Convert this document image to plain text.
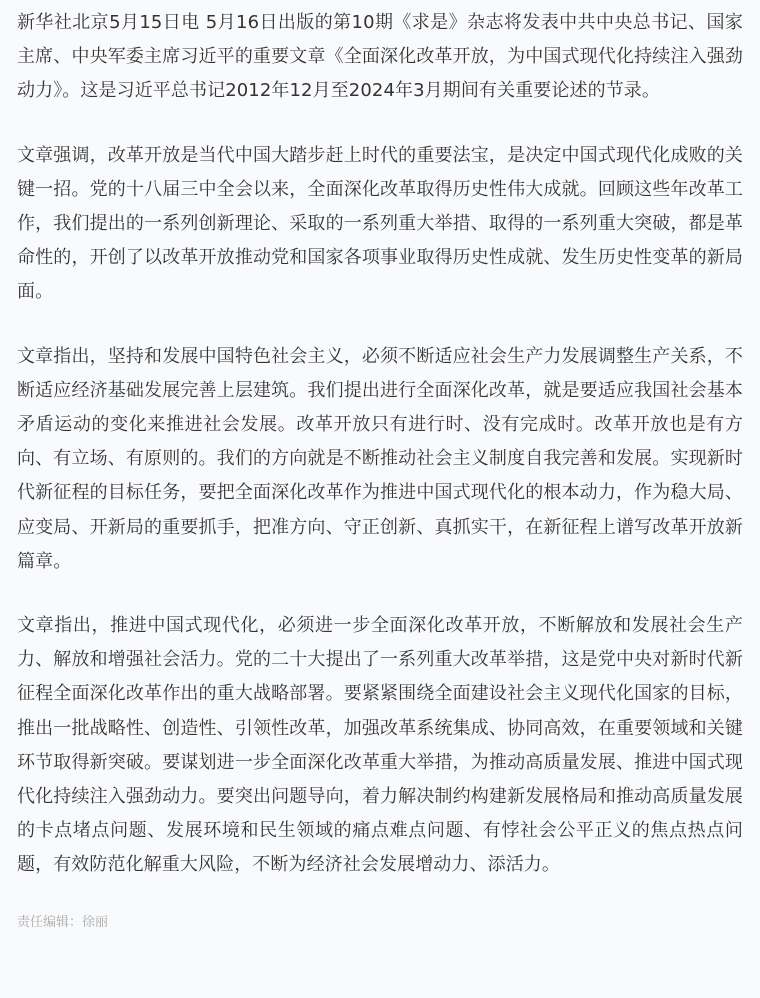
新华社北京5月15日电 5月16日出版的第10期《求是》杂志将发表中共中央总书记、国家主席、中央军委主席习近平的重要文章《全面深化改革开放，为中国式现代化持续注入强劲动力》。这是习近平总书记2012年12月至2024年3月期间有关重要论述的节录。

文章强调，改革开放是当代中国大踏步赶上时代的重要法宝，是决定中国式现代化成败的关键一招。党的十八届三中全会以来，全面深化改革取得历史性伟大成就。回顾这些年改革工作，我们提出的一系列创新理论、采取的一系列重大举措、取得的一系列重大突破，都是革命性的，开创了以改革开放推动党和国家各项事业取得历史性成就、发生历史性变革的新局面。

文章指出，坚持和发展中国特色社会主义，必须不断适应社会生产力发展调整生产关系，不断适应经济基础发展完善上层建筑。我们提出进行全面深化改革，就是要适应我国社会基本矛盾运动的变化来推进社会发展。改革开放只有进行时、没有完成时。改革开放也是有方向、有立场、有原则的。我们的方向就是不断推动社会主义制度自我完善和发展。实现新时代新征程的目标任务，要把全面深化改革作为推进中国式现代化的根本动力，作为稳大局、应变局、开新局的重要抓手，把准方向、守正创新、真抓实干，在新征程上谱写改革开放新篇章。

文章指出，推进中国式现代化，必须进一步全面深化改革开放，不断解放和发展社会生产力、解放和增强社会活力。党的二十大提出了一系列重大改革举措，这是党中央对新时代新征程全面深化改革作出的重大战略部署。要紧紧围绕全面建设社会主义现代化国家的目标，推出一批战略性、创造性、引领性改革，加强改革系统集成、协同高效，在重要领域和关键环节取得新突破。要谋划进一步全面深化改革重大举措，为推动高质量发展、推进中国式现代化持续注入强劲动力。要突出问题导向，着力解决制约构建新发展格局和推动高质量发展的卡点堵点问题、发展环境和民生领域的痛点难点问题、有悖社会公平正义的焦点热点问题，有效防范化解重大风险，不断为经济社会发展增动力、添活力。

责任编辑：徐丽
